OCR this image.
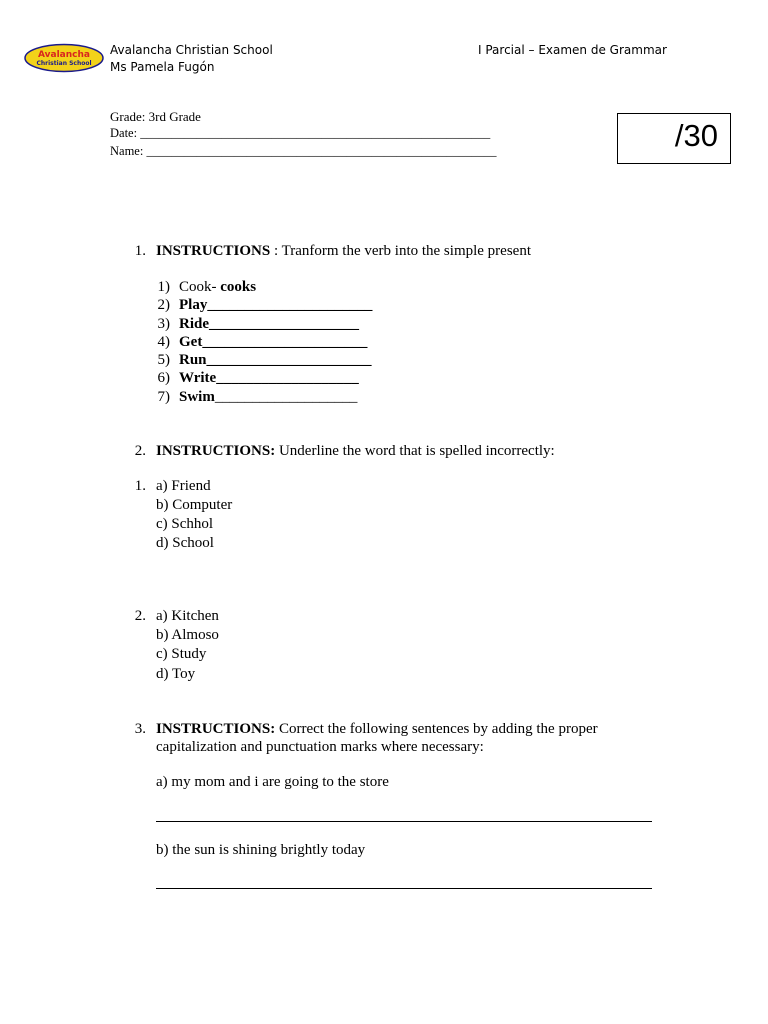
Avalancha
Christian School
Avalancha Christian School
Ms Pamela Fugón
I Parcial – Examen de Grammar
Grade: 3rd Grade
Date: ________________________________________________________
Name: ________________________________________________________	/30
1. INSTRUCTIONS : Tranform the verb into the simple present
1) Cook- cooks
2) Play______________________
3) Ride____________________
4) Get______________________
5) Run______________________
6) Write___________________
7) Swim___________________
2. INSTRUCTIONS: Underline the word that is spelled incorrectly:
1. a) Friend
b) Computer
c) Schhol
d) School
2. a) Kitchen
b) Almoso
c) Study
d) Toy
3. INSTRUCTIONS: Correct the following sentences by adding the proper
capitalization and punctuation marks where necessary:
a) my mom and i are going to the store
b) the sun is shining brightly today
